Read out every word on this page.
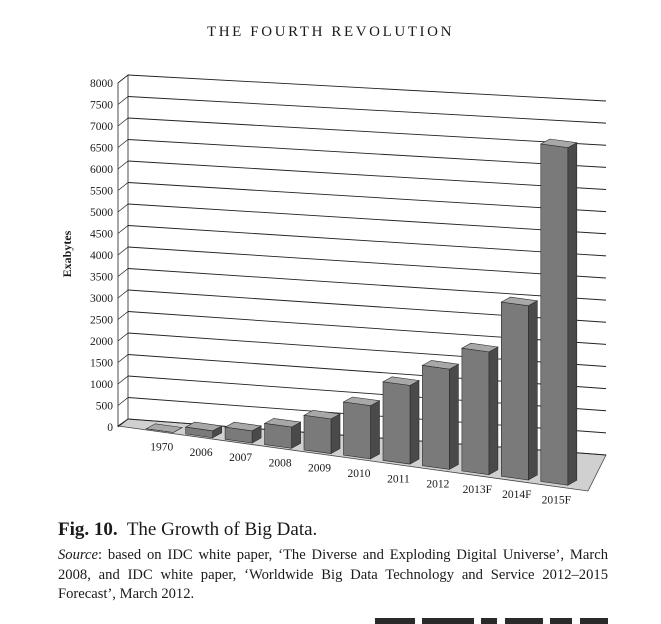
THE FOURTH REVOLUTION
0
500
1000
1500
2000
2500
3000
3500
4000
4500
5000
5500
6000
6500
7000
7500
8000
1970 2006 2007 2008 2009 2010 2011 2012 2013F 2014F 2015F
Exabytes
Fig. 10. The Growth of Big Data.
Source: based on IDC white paper, ‘The Diverse and Exploding Digital Universe’, March 2008, and IDC white paper, ‘Worldwide Big Data Technology and Service 2012–2015 Forecast’, March 2012.
